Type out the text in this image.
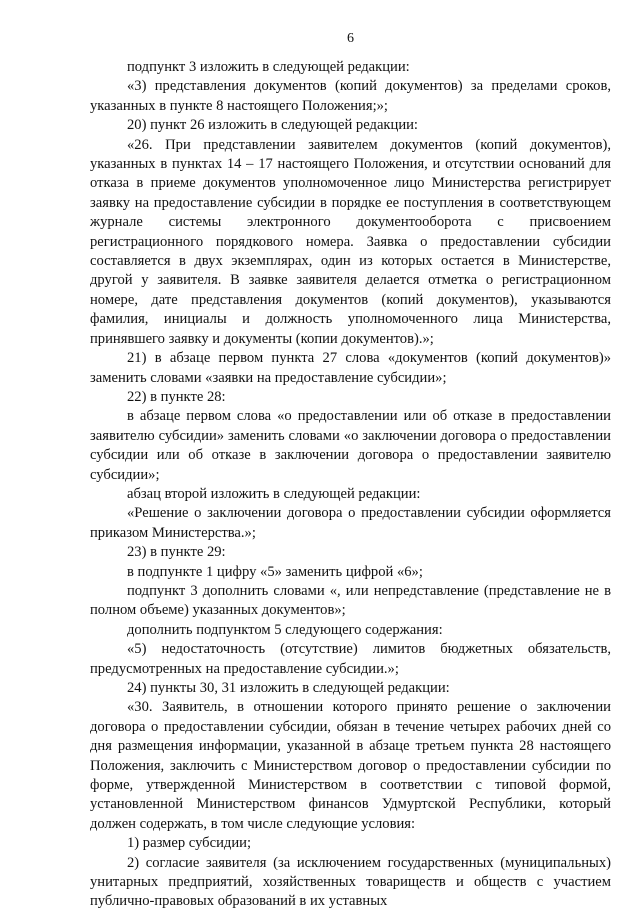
6

подпункт 3 изложить в следующей редакции:

«3) представления документов (копий документов) за пределами сроков, указанных в пункте 8 настоящего Положения;»;

20) пункт 26 изложить в следующей редакции:

«26. При представлении заявителем документов (копий документов), указанных в пунктах 14 – 17 настоящего Положения, и отсутствии оснований для отказа в приеме документов уполномоченное лицо Министерства регистрирует заявку на предоставление субсидии в порядке ее поступления в соответствующем журнале системы электронного документооборота с присвоением регистрационного порядкового номера. Заявка о предоставлении субсидии составляется в двух экземплярах, один из которых остается в Министерстве, другой у заявителя. В заявке заявителя делается отметка о регистрационном номере, дате представления документов (копий документов), указываются фамилия, инициалы и должность уполномоченного лица Министерства, принявшего заявку и документы (копии документов).»;

21) в абзаце первом пункта 27 слова «документов (копий документов)» заменить словами «заявки на предоставление субсидии»;

22) в пункте 28:

в абзаце первом слова «о предоставлении или об отказе в предоставлении заявителю субсидии» заменить словами «о заключении договора о предоставлении субсидии или об отказе в заключении договора о предоставлении заявителю субсидии»;

абзац второй изложить в следующей редакции:

«Решение о заключении договора о предоставлении субсидии оформляется приказом Министерства.»;

23) в пункте 29:

в подпункте 1 цифру «5» заменить цифрой «6»;

подпункт 3 дополнить словами «, или непредставление (представление не в полном объеме) указанных документов»;

дополнить подпунктом 5 следующего содержания:

«5) недостаточность (отсутствие) лимитов бюджетных обязательств, предусмотренных на предоставление субсидии.»;

24) пункты 30, 31 изложить в следующей редакции:

«30. Заявитель, в отношении которого принято решение о заключении договора о предоставлении субсидии, обязан в течение четырех рабочих дней со дня размещения информации, указанной в абзаце третьем пункта 28 настоящего Положения, заключить с Министерством договор о предоставлении субсидии по форме, утвержденной Министерством в соответствии с типовой формой, установленной Министерством финансов Удмуртской Республики, который должен содержать, в том числе следующие условия:

1) размер субсидии;

2) согласие заявителя (за исключением государственных (муниципальных) унитарных предприятий, хозяйственных товариществ и обществ с участием публично-правовых образований в их уставных
